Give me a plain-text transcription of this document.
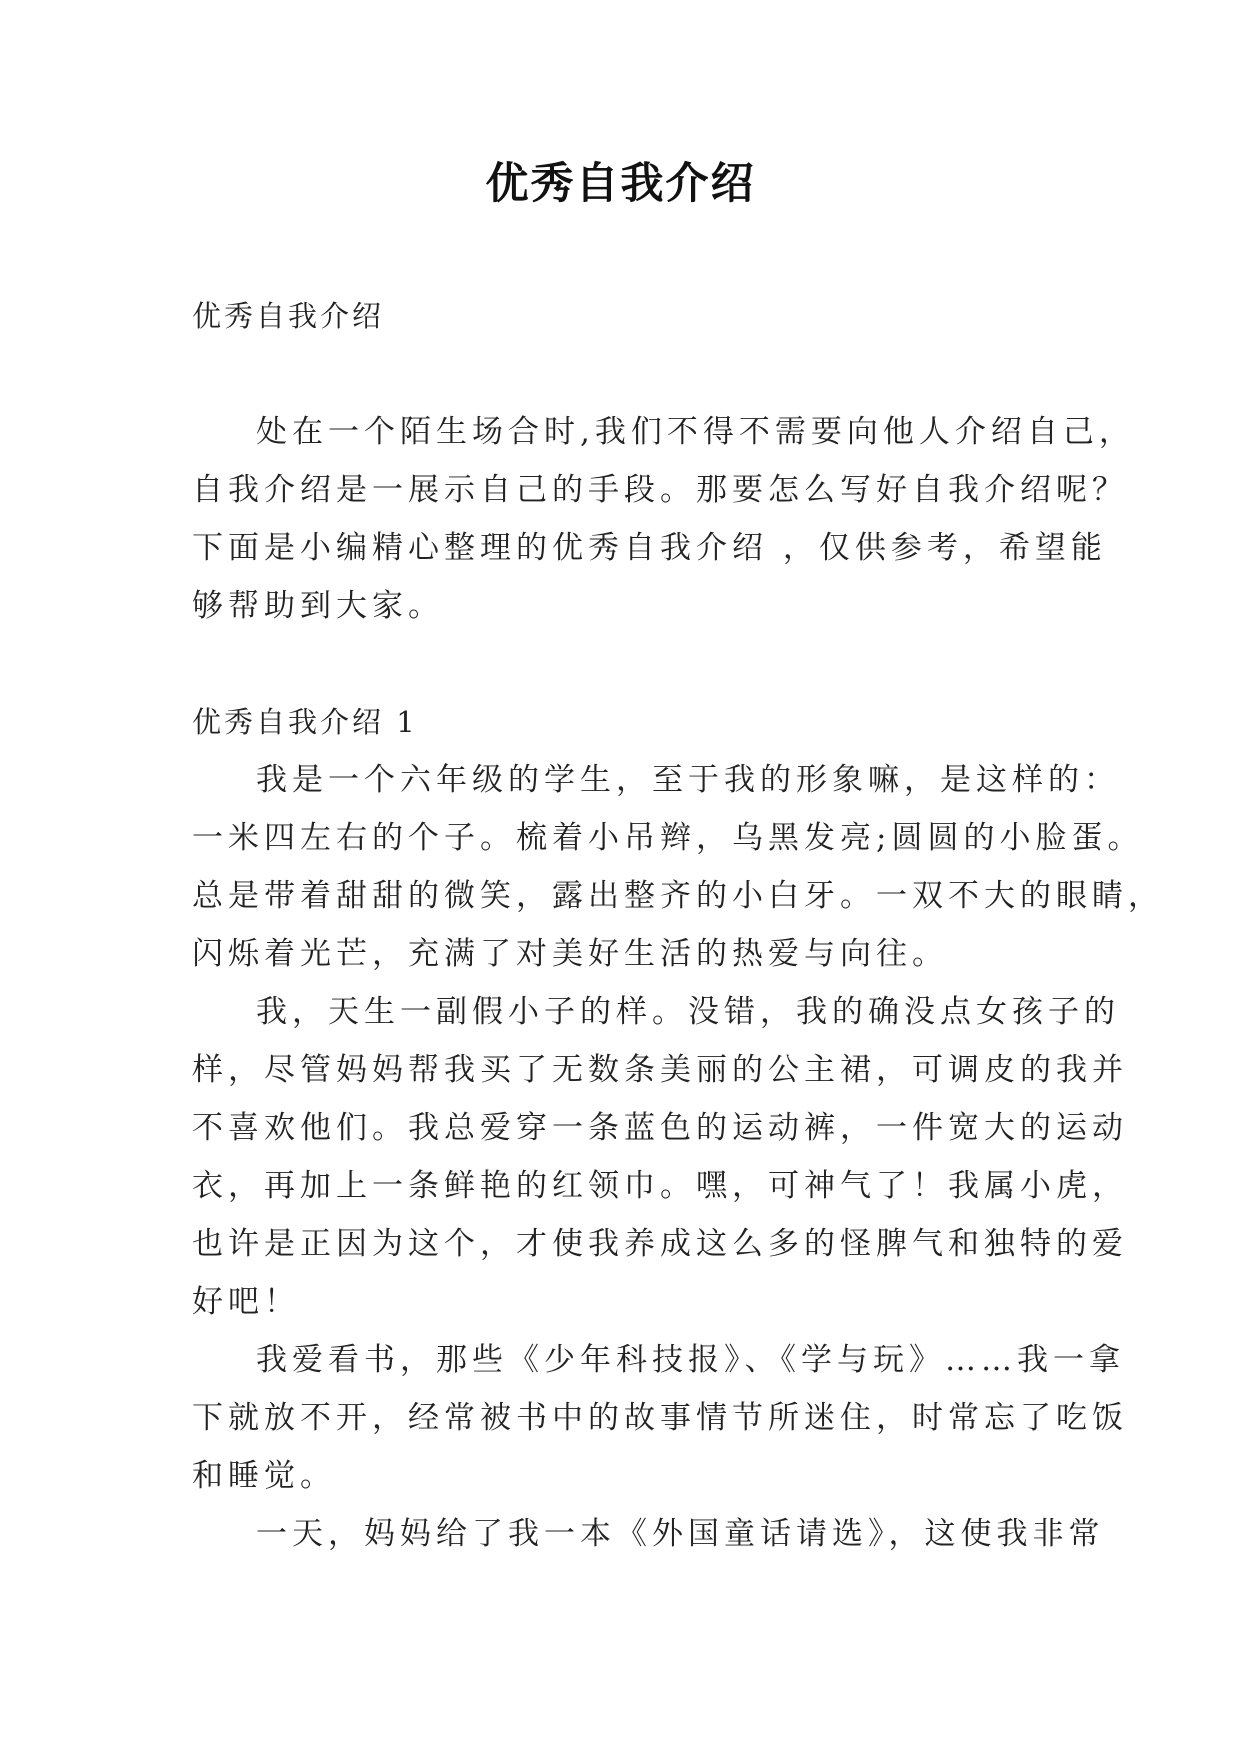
优秀自我介绍

优秀自我介绍

处在一个陌生场合时,我们不得不需要向他人介绍自己，

自我介绍是一展示自己的手段。那要怎么写好自我介绍呢？

下面是小编精心整理的优秀自我介绍 ，仅供参考，希望能

够帮助到大家。

优秀自我介绍 1

我是一个六年级的学生，至于我的形象嘛，是这样的：

一米四左右的个子。梳着小吊辫，乌黑发亮;圆圆的小脸蛋。

总是带着甜甜的微笑，露出整齐的小白牙。一双不大的眼睛，

闪烁着光芒，充满了对美好生活的热爱与向往。

我，天生一副假小子的样。没错，我的确没点女孩子的

样，尽管妈妈帮我买了无数条美丽的公主裙，可调皮的我并

不喜欢他们。我总爱穿一条蓝色的运动裤，一件宽大的运动

衣，再加上一条鲜艳的红领巾。嘿，可神气了！我属小虎，

也许是正因为这个，才使我养成这么多的怪脾气和独特的爱

好吧！

我爱看书，那些《少年科技报》、《学与玩》……我一拿

下就放不开，经常被书中的故事情节所迷住，时常忘了吃饭

和睡觉。

一天，妈妈给了我一本《外国童话请选》，这使我非常
